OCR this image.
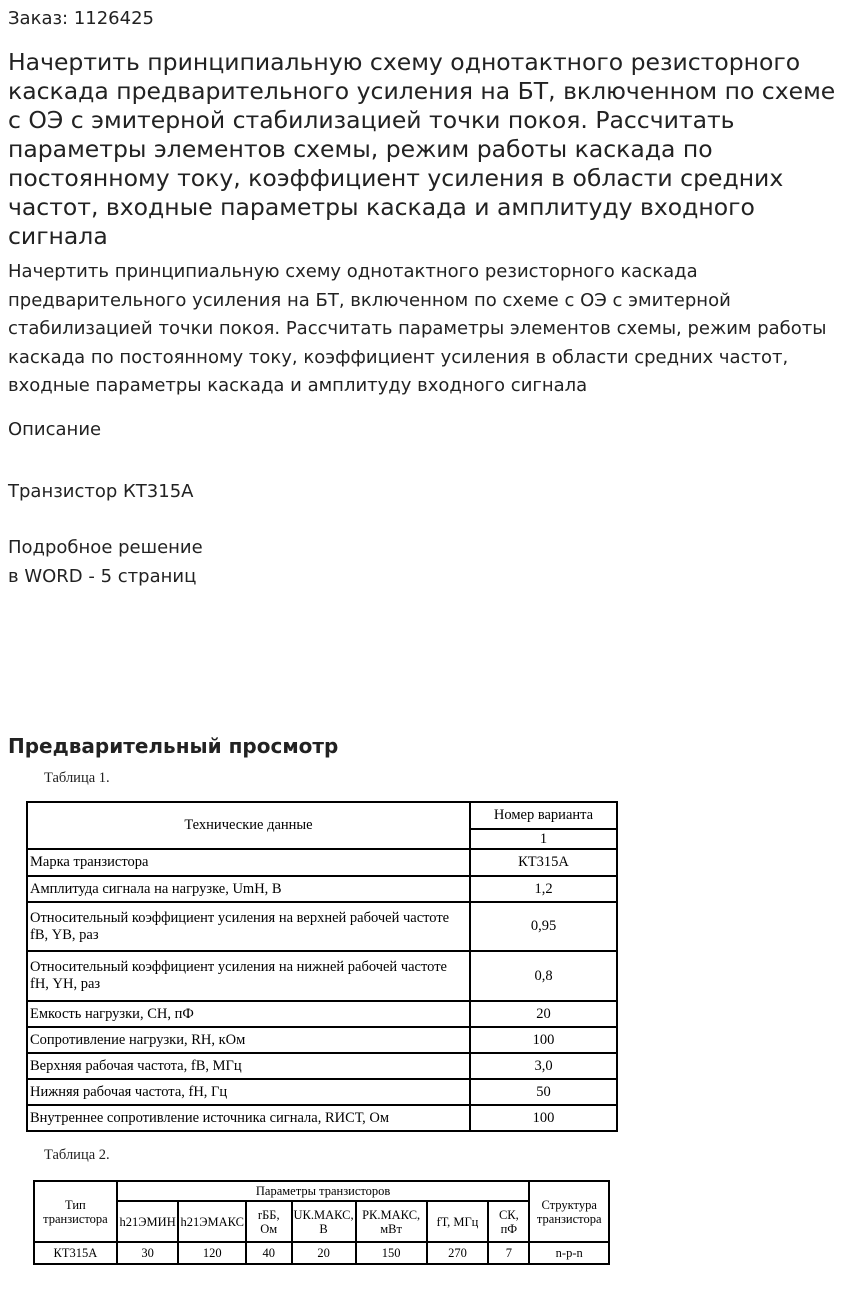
Заказ: 1126425
Начертить принципиальную схему однотактного резисторного каскада предварительного усиления на БТ, включенном по схеме с ОЭ с эмитерной стабилизацией точки покоя. Рассчитать параметры элементов схемы, режим работы каскада по постоянному току, коэффициент усиления в области средних частот, входные параметры каскада и амплитуду входного сигнала
Начертить принципиальную схему однотактного резисторного каскада предварительного усиления на БТ, включенном по схеме с ОЭ с эмитерной стабилизацией точки покоя. Рассчитать параметры элементов схемы, режим работы каскада по постоянному току, коэффициент усиления в области средних частот, входные параметры каскада и амплитуду входного сигнала
Описание
Транзистор КТ315А
Подробное решение
в WORD - 5 страниц
Предварительный просмотр
Таблица 1.
Технические данные	Номер варианта
	1
Марка транзистора	КТ315А
Амплитуда сигнала на нагрузке, UmH, В	1,2
Относительный коэффициент усиления на верхней рабочей частоте fВ, YВ, раз	0,95
Относительный коэффициент усиления на нижней рабочей частоте fН, YН, раз	0,8
Емкость нагрузки, CН, пФ	20
Сопротивление нагрузки, RН, кОм	100
Верхняя рабочая частота, fВ, МГц	3,0
Нижняя рабочая частота, fН, Гц	50
Внутреннее сопротивление источника сигнала, RИСТ, Ом	100
Таблица 2.
Тип транзистора	Параметры транзисторов							Структура транзистора
	h21ЭМИН	h21ЭМАКС	rББ, Ом	UК.МАКС, В	PК.МАКС, мВт	fТ, МГц	CК, пФ	
КТ315А	30	120	40	20	150	270	7	n-p-n
